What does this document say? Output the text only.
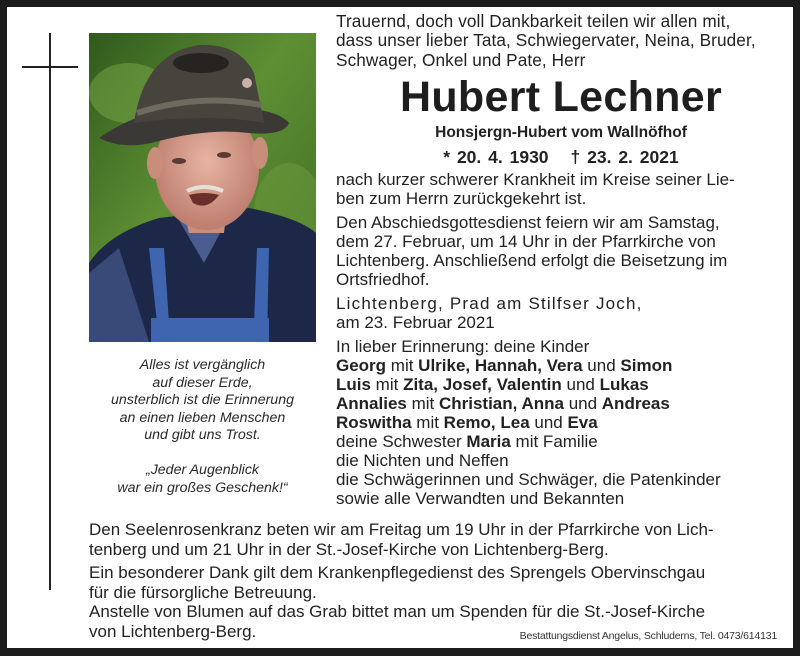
Alles ist vergänglich
auf dieser Erde,
unsterblich ist die Erinnerung
an einen lieben Menschen
und gibt uns Trost.
„Jeder Augenblick
war ein großes Geschenk!“
Trauernd, doch voll Dankbarkeit teilen wir allen mit,
dass unser lieber Tata, Schwiegervater, Neina, Bruder,
Schwager, Onkel und Pate, Herr
Hubert Lechner
Honsjergn-Hubert vom Wallnöfhof
* 20. 4. 1930 † 23. 2. 2021
nach kurzer schwerer Krankheit im Kreise seiner Lie-
ben zum Herrn zurückgekehrt ist.
Den Abschiedsgottesdienst feiern wir am Samstag,
dem 27. Februar, um 14 Uhr in der Pfarrkirche von
Lichtenberg. Anschließend erfolgt die Beisetzung im
Ortsfriedhof.
Lichtenberg, Prad am Stilfser Joch,
am 23. Februar 2021
In lieber Erinnerung: deine Kinder
Georg mit Ulrike, Hannah, Vera und Simon
Luis mit Zita, Josef, Valentin und Lukas
Annalies mit Christian, Anna und Andreas
Roswitha mit Remo, Lea und Eva
deine Schwester Maria mit Familie
die Nichten und Neffen
die Schwägerinnen und Schwäger, die Patenkinder
sowie alle Verwandten und Bekannten
Den Seelenrosenkranz beten wir am Freitag um 19 Uhr in der Pfarrkirche von Lich-
tenberg und um 21 Uhr in der St.-Josef-Kirche von Lichtenberg-Berg.
Ein besonderer Dank gilt dem Krankenpflegedienst des Sprengels Obervinschgau
für die fürsorgliche Betreuung.
Anstelle von Blumen auf das Grab bittet man um Spenden für die St.-Josef-Kirche
von Lichtenberg-Berg.	Bestattungsdienst Angelus, Schluderns, Tel. 0473/614131
